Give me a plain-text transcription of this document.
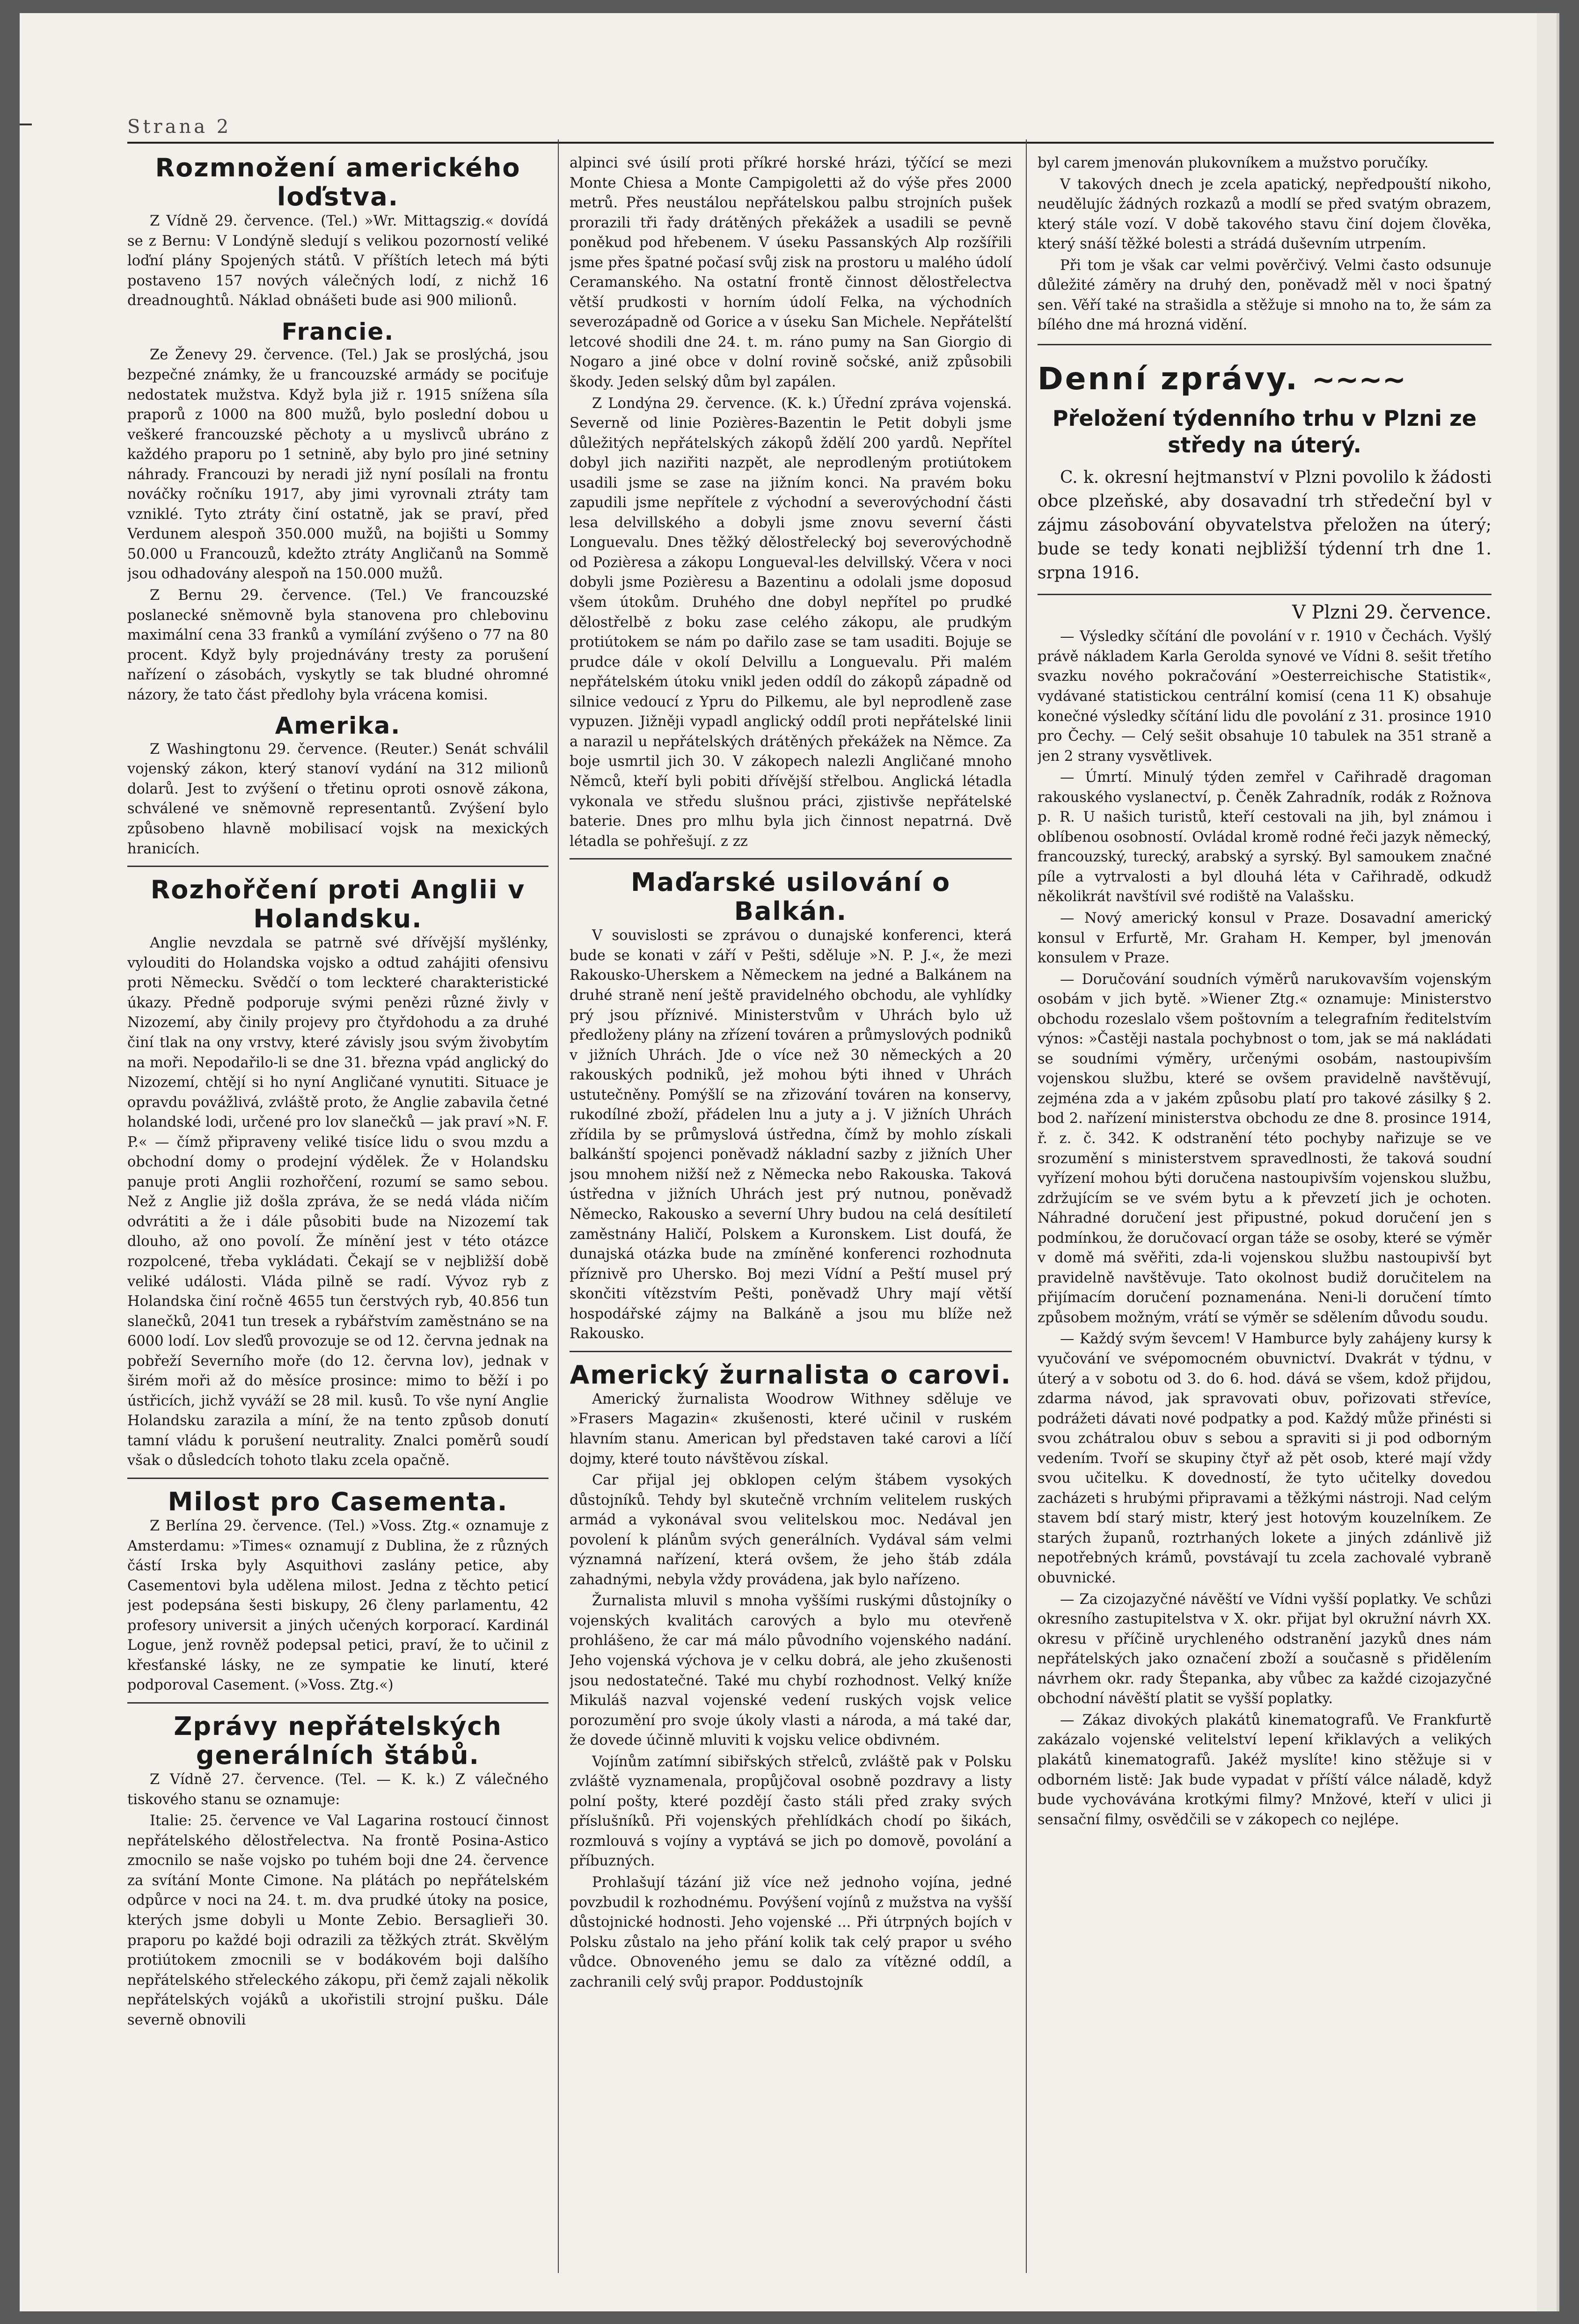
Strana 2
Rozmnožení amerického loďstva.

Z Vídně 29. července. (Tel.) »Wr. Mittagszig.« dovídá se z Bernu: V Londýně sledují s velikou pozorností veliké loďní plány Spojených států. V příštích letech má býti postaveno 157 nových válečných lodí, z nichž 16 dreadnoughtů. Náklad obnášeti bude asi 900 milionů.

Francie.

Ze Ženevy 29. července. (Tel.) Jak se proslýchá, jsou bezpečné známky, že u francouzské armády se pociťuje nedostatek mužstva. Když byla již r. 1915 snížena síla praporů z 1000 na 800 mužů, bylo poslední dobou u veškeré francouzské pěchoty a u myslivců ubráno z každého praporu po 1 setnině, aby bylo pro jiné setniny náhrady. Francouzi by neradi již nyní posílali na frontu nováčky ročníku 1917, aby jimi vyrovnali ztráty tam vzniklé. Tyto ztráty činí ostatně, jak se praví, před Verdunem alespoň 350.000 mužů, na bojišti u Sommy 50.000 u Francouzů, kdežto ztráty Angličanů na Sommě jsou odhadovány alespoň na 150.000 mužů.

Z Bernu 29. července. (Tel.) Ve francouzské poslanecké sněmovně byla stanovena pro chlebovinu maximální cena 33 franků a vymílání zvýšeno o 77 na 80 procent. Když byly projednávány tresty za porušení nařízení o zásobách, vyskytly se tak bludné ohromné názory, že tato část předlohy byla vrácena komisi.

Amerika.

Z Washingtonu 29. července. (Reuter.) Senát schválil vojenský zákon, který stanoví vydání na 312 milionů dolarů. Jest to zvýšení o třetinu oproti osnově zákona, schválené ve sněmovně representantů. Zvýšení bylo způsobeno hlavně mobilisací vojsk na mexických hranicích.

Rozhořčení proti Anglii v Holandsku.

Anglie nevzdala se patrně své dřívější myšlénky, vylouditi do Holandska vojsko a odtud zahájiti ofensivu proti Německu. Svědčí o tom leckteré charakteristické úkazy. Předně podporuje svými penězi různé živly v Nizozemí, aby činily projevy pro čtyřdohodu a za druhé činí tlak na ony vrstvy, které závisly jsou svým živobytím na moři. Nepodařilo-li se dne 31. března vpád anglický do Nizozemí, chtějí si ho nyní Angličané vynutiti. Situace je opravdu povážlivá, zvláště proto, že Anglie zabavila četné holandské lodi, určené pro lov slanečků — jak praví »N. F. P.« — čímž připraveny veliké tisíce lidu o svou mzdu a obchodní domy o prodejní výdělek. Že v Holandsku panuje proti Anglii rozhořčení, rozumí se samo sebou. Než z Anglie již došla zpráva, že se nedá vláda ničím odvrátiti a že i dále působiti bude na Nizozemí tak dlouho, až ono povolí. Že mínění jest v této otázce rozpolcené, třeba vykládati. Čekají se v nejbližší době veliké události. Vláda pilně se radí. Vývoz ryb z Holandska činí ročně 4655 tun čerstvých ryb, 40.856 tun slanečků, 2041 tun tresek a rybářstvím zaměstnáno se na 6000 lodí. Lov sleďů provozuje se od 12. června jednak na pobřeží Severního moře (do 12. června lov), jednak v širém moři až do měsíce prosince: mimo to běží i po ústřicích, jichž vyváží se 28 mil. kusů. To vše nyní Anglie Holandsku zarazila a míní, že na tento způsob donutí tamní vládu k porušení neutrality. Znalci poměrů soudí však o důsledcích tohoto tlaku zcela opačně.

Milost pro Casementa.

Z Berlína 29. července. (Tel.) »Voss. Ztg.« oznamuje z Amsterdamu: »Times« oznamují z Dublina, že z různých částí Irska byly Asquithovi zaslány petice, aby Casementovi byla udělena milost. Jedna z těchto peticí jest podepsána šesti biskupy, 26 členy parlamentu, 42 profesory universit a jiných učených korporací. Kardinál Logue, jenž rovněž podepsal petici, praví, že to učinil z křesťanské lásky, ne ze sympatie ke linutí, které podporoval Casement. (»Voss. Ztg.«)

Zprávy nepřátelských generálních štábů.

Z Vídně 27. července. (Tel. — K. k.) Z válečného tiskového stanu se oznamuje:

Italie: 25. července ve Val Lagarina rostoucí činnost nepřátelského dělostřelectva. Na frontě Posina-Astico zmocnilo se naše vojsko po tuhém boji dne 24. července za svítání Monte Cimone. Na plátách po nepřátelském odpůrce v noci na 24. t. m. dva prudké útoky na posice, kterých jsme dobyli u Monte Zebio. Bersaglieři 30. praporu po každé boji odrazili za těžkých ztrát. Skvělým protiútokem zmocnili se v bodákovém boji dalšího nepřátelského střeleckého zákopu, při čemž zajali několik nepřátelských vojáků a ukořistili strojní pušku. Dále severně obnovili

alpinci své úsilí proti příkré horské hrázi, týčící se mezi Monte Chiesa a Monte Campigoletti až do výše přes 2000 metrů. Přes neustálou nepřátelskou palbu strojních pušek prorazili tři řady drátěných překážek a usadili se pevně poněkud pod hřebenem. V úseku Passanských Alp rozšířili jsme přes špatné počasí svůj zisk na prostoru u malého údolí Ceramanského. Na ostatní frontě činnost dělostřelectva větší prudkosti v horním údolí Felka, na východních severozápadně od Gorice a v úseku San Michele. Nepřátelští letcové shodili dne 24. t. m. ráno pumy na San Giorgio di Nogaro a jiné obce v dolní rovině sočské, aniž způsobili škody. Jeden selský dům byl zapálen.

Z Londýna 29. července. (K. k.) Úřední zpráva vojenská. Severně od linie Pozières-Bazentin le Petit dobyli jsme důležitých nepřátelských zákopů ždělí 200 yardů. Nepřítel dobyl jich naziřiti nazpět, ale neprodleným protiútokem usadili jsme se zase na jižním konci. Na pravém boku zapudili jsme nepřítele z východní a severovýchodní části lesa delvillského a dobyli jsme znovu severní části Longuevalu. Dnes těžký dělostřelecký boj severovýchodně od Pozièresa a zákopu Longueval-les delvillský. Včera v noci dobyli jsme Pozièresu a Bazentinu a odolali jsme doposud všem útokům. Druhého dne dobyl nepřítel po prudké dělostřelbě z boku zase celého zákopu, ale prudkým protiútokem se nám po dařilo zase se tam usaditi. Bojuje se prudce dále v okolí Delvillu a Longuevalu. Při malém nepřátelském útoku vnikl jeden oddíl do zákopů západně od silnice vedoucí z Ypru do Pilkemu, ale byl neprodleně zase vypuzen. Jižněji vypadl anglický oddíl proti nepřátelské linii a narazil u nepřátelských drátěných překážek na Němce. Za boje usmrtil jich 30. V zákopech nalezli Angličané mnoho Němců, kteří byli pobiti dřívější střelbou. Anglická létadla vykonala ve středu slušnou práci, zjistivše nepřátelské baterie. Dnes pro mlhu byla jich činnost nepatrná. Dvě létadla se pohřešují. z zz

Maďarské usilování o Balkán.

V souvislosti se zprávou o dunajské konferenci, která bude se konati v září v Pešti, sděluje »N. P. J.«, že mezi Rakousko-Uherskem a Německem na jedné a Balkánem na druhé straně není ještě pravidelného obchodu, ale vyhlídky prý jsou příznivé. Ministerstvům v Uhrách bylo už předloženy plány na zřízení továren a průmyslových podniků v jižních Uhrách. Jde o více než 30 německých a 20 rakouských podniků, jež mohou býti ihned v Uhrách ustutečněny. Pomýšlí se na zřizování továren na konservy, rukodílné zboží, přádelen lnu a juty a j. V jižních Uhrách zřídila by se průmyslová ústředna, čímž by mohlo získali balkánští spojenci poněvadž nákladní sazby z jižních Uher jsou mnohem nižší než z Německa nebo Rakouska. Taková ústředna v jižních Uhrách jest prý nutnou, poněvadž Německo, Rakousko a severní Uhry budou na celá desítiletí zaměstnány Haličí, Polskem a Kuronskem. List doufá, že dunajská otázka bude na zmíněné konferenci rozhodnuta příznivě pro Uhersko. Boj mezi Vídní a Peští musel prý skončiti vítězstvím Pešti, poněvadž Uhry mají větší hospodářské zájmy na Balkáně a jsou mu blíže než Rakousko.

Americký žurnalista o carovi.

Americký žurnalista Woodrow Withney sděluje ve »Frasers Magazin« zkušenosti, které učinil v ruském hlavním stanu. American byl představen také carovi a líčí dojmy, které touto návštěvou získal.

Car přijal jej obklopen celým štábem vysokých důstojníků. Tehdy byl skutečně vrchním velitelem ruských armád a vykonával svou velitelskou moc. Nedával jen povolení k plánům svých generálních. Vydával sám velmi významná nařízení, která ovšem, že jeho štáb zdála zahadnými, nebyla vždy provádena, jak bylo nařízeno.

Žurnalista mluvil s mnoha vyššími ruskými důstojníky o vojenských kvalitách carových a bylo mu otevřeně prohlášeno, že car má málo původního vojenského nadání. Jeho vojenská výchova je v celku dobrá, ale jeho zkušenosti jsou nedostatečné. Také mu chybí rozhodnost. Velký kníže Mikuláš nazval vojenské vedení ruských vojsk velice porozumění pro svoje úkoly vlasti a národa, a má také dar, že dovede účinně mluviti k vojsku velice obdivném.

Vojínům zatímní sibiřských střelců, zvláště pak v Polsku zvláště vyznamenala, propůjčoval osobně pozdravy a listy polní pošty, které pozdějí často stáli před zraky svých příslušníků. Při vojenských přehlídkách chodí po šikách, rozmlouvá s vojíny a vyptává se jich po domově, povolání a příbuzných.

Prohlašují tázání již více než jednoho vojína, jedné povzbudil k rozhodnému. Povýšení vojínů z mužstva na vyšší důstojnické hodnosti. Jeho vojenské ... Při útrpných bojích v Polsku zůstalo na jeho přání kolik tak celý prapor u svého vůdce. Obnoveného jemu se dalo za vítězné oddíl, a zachranili celý svůj prapor. Poddustojník

byl carem jmenován plukovníkem a mužstvo poručíky.

V takových dnech je zcela apatický, nepředpouští nikoho, neudělujíc žádných rozkazů a modlí se před svatým obrazem, který stále vozí. V době takového stavu činí dojem člověka, který snáší těžké bolesti a strádá duševním utrpením.

Při tom je však car velmi pověrčivý. Velmi často odsunuje důležité záměry na druhý den, poněvadž měl v noci špatný sen. Věří také na strašidla a stěžuje si mnoho na to, že sám za bílého dne má hrozná vidění.

Denní zprávy. ~~~~

Přeložení týdenního trhu v Plzni ze středy na úterý.

C. k. okresní hejtmanství v Plzni povolilo k žádosti obce plzeňské, aby dosavadní trh středeční byl v zájmu zásobování obyvatelstva přeložen na úterý; bude se tedy konati nejbližší týdenní trh dne 1. srpna 1916.

V Plzni 29. července.

— Výsledky sčítání dle povolání v r. 1910 v Čechách. Vyšlý právě nákladem Karla Gerolda synové ve Vídni 8. sešit třetího svazku nového pokračování »Oesterreichische Statistik«, vydávané statistickou centrální komisí (cena 11 K) obsahuje konečné výsledky sčítání lidu dle povolání z 31. prosince 1910 pro Čechy. — Celý sešit obsahuje 10 tabulek na 351 straně a jen 2 strany vysvětlivek.

— Úmrtí. Minulý týden zemřel v Cařihradě dragoman rakouského vyslanectví, p. Čeněk Zahradník, rodák z Rožnova p. R. U našich turistů, kteří cestovali na jih, byl známou i oblíbenou osobností. Ovládal kromě rodné řeči jazyk německý, francouzský, turecký, arabský a syrský. Byl samoukem značné píle a vytrvalosti a byl dlouhá léta v Cařihradě, odkudž několikrát navštívil své rodiště na Valašsku.

— Nový americký konsul v Praze. Dosavadní americký konsul v Erfurtě, Mr. Graham H. Kemper, byl jmenován konsulem v Praze.

— Doručování soudních výměrů narukovavším vojenským osobám v jich bytě. »Wiener Ztg.« oznamuje: Ministerstvo obchodu rozeslalo všem poštovním a telegrafním ředitelstvím výnos: »Častěji nastala pochybnost o tom, jak se má nakládati se soudními výměry, určenými osobám, nastoupivším vojenskou službu, které se ovšem pravidelně navštěvují, zejména zda a v jakém způsobu platí pro takové zásilky § 2. bod 2. nařízení ministerstva obchodu ze dne 8. prosince 1914, ř. z. č. 342. K odstranění této pochyby nařizuje se ve srozumění s ministerstvem spravedlnosti, že taková soudní vyřízení mohou býti doručena nastoupivším vojenskou službu, zdržujícím se ve svém bytu a k převzetí jich je ochoten. Náhradné doručení jest připustné, pokud doručení jen s podmínkou, že doručovací organ táže se osoby, které se výměr v domě má svěřiti, zda-li vojenskou službu nastoupivší byt pravidelně navštěvuje. Tato okolnost budiž doručitelem na přijímacím doručení poznamenána. Neni-li doručení tímto způsobem možným, vrátí se výměr se sdělením důvodu soudu.

— Každý svým ševcem! V Hamburce byly zahájeny kursy k vyučování ve svépomocném obuvnictví. Dvakrát v týdnu, v úterý a v sobotu od 3. do 6. hod. dává se všem, kdož přijdou, zdarma návod, jak spravovati obuv, pořizovati střevíce, podrážeti dávati nové podpatky a pod. Každý může přinésti si svou zchátralou obuv s sebou a spraviti si ji pod odborným vedením. Tvoří se skupiny čtyř až pět osob, které mají vždy svou učitelku. K dovedností, že tyto učitelky dovedou zacházeti s hrubými připravami a těžkými nástroji. Nad celým stavem bdí starý mistr, který jest hotovým kouzelníkem. Ze starých županů, roztrhaných lokete a jiných zdánlivě již nepotřebných krámů, povstávají tu zcela zachovalé vybraně obuvnické.

— Za cizojazyčné návěští ve Vídni vyšší poplatky. Ve schůzi okresního zastupitelstva v X. okr. přijat byl okružní návrh XX. okresu v příčině urychleného odstranění jazyků dnes nám nepřátelských jako označení zboží a současně s přidělením návrhem okr. rady Štepanka, aby vůbec za každé cizojazyčné obchodní návěští platit se vyšší poplatky.

— Zákaz divokých plakátů kinematografů. Ve Frankfurtě zakázalo vojenské velitelství lepení křiklavých a velikých plakátů kinematografů. Jakéž myslíte! kino stěžuje si v odborném listě: Jak bude vypadat v příští válce náladě, když bude vychovávána krotkými filmy? Mnžové, kteří v ulici ji sensační filmy, osvědčili se v zákopech co nejlépe.
